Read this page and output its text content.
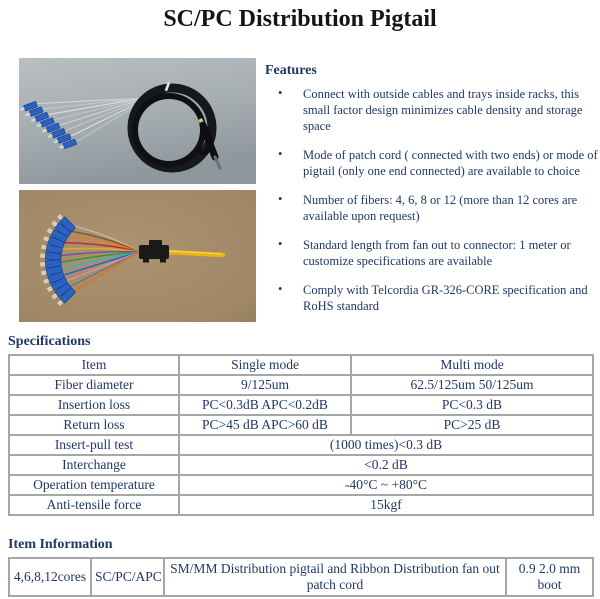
SC/PC Distribution Pigtail
Features
• Connect with outside cables and trays inside racks, this small factor design minimizes cable density and storage space
• Mode of patch cord ( connected with two ends) or mode of pigtail (only one end connected) are available to choice
• Number of fibers: 4, 6, 8 or 12 (more than 12 cores are available upon request)
• Standard length from fan out to connector: 1 meter or customize specifications are available
• Comply with Telcordia GR-326-CORE specification and RoHS standard
Specifications
Item	Single mode	Multi mode
Fiber diameter	9/125um	62.5/125um 50/125um
Insertion loss	PC<0.3dB APC<0.2dB	PC<0.3 dB
Return loss	PC>45 dB APC>60 dB	PC>25 dB
Insert-pull test	(1000 times)<0.3 dB	
Interchange	<0.2 dB	
Operation temperature	-40°C ~ +80°C	
Anti-tensile force	15kgf	
Item Information
4,6,8,12cores	SC/PC/APC	SM/MM Distribution pigtail and Ribbon Distribution fan out patch cord	0.9 2.0 mm boot
